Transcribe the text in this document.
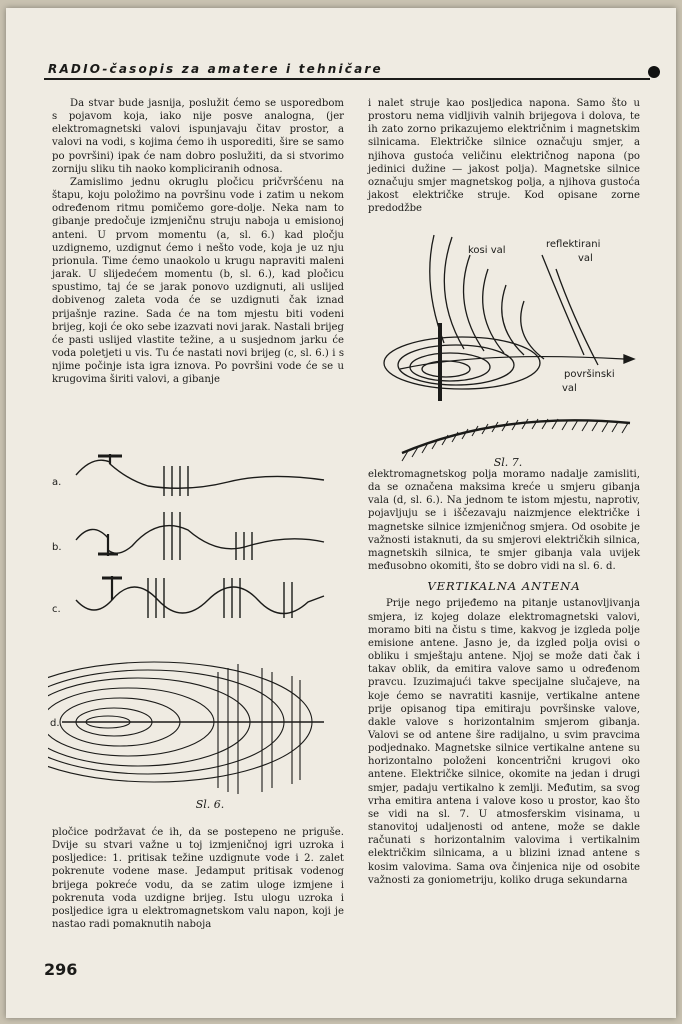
RADIO-časopis za amatere i tehničare

Da stvar bude jasnija, poslužit ćemo se usporedbom s pojavom koja, iako nije posve analogna, (jer elektromagnetski valovi ispunjavaju čitav prostor, a valovi na vodi, s kojima ćemo ih usporediti, šire se samo po površini) ipak će nam dobro poslužiti, da si stvorimo zorniju sliku tih naoko kompliciranih odnosa.

Zamislimo jednu okruglu pločicu pričvršćenu na štapu, koju položimo na površinu vode i zatim u nekom određenom ritmu pomičemo gore-dolje. Neka nam to gibanje predočuje izmjeničnu struju naboja u emisionoj anteni. U prvom momentu (a, sl. 6.) kad pločju uzdignemo, uzdignut ćemo i nešto vode, koja je uz nju prionula. Time ćemo unaokolo u krugu napraviti maleni jarak. U slijedećem momentu (b, sl. 6.), kad pločicu spustimo, taj će se jarak ponovo uzdignuti, ali uslijed dobivenog zaleta voda će se uzdignuti čak iznad prijašnje razine. Sada će na tom mjestu biti vodeni brijeg, koji će oko sebe izazvati novi jarak. Nastali brijeg će pasti uslijed vlastite težine, a u susjednom jarku će voda poletjeti u vis. Tu će nastati novi brijeg (c, sl. 6.) i s njime počinje ista igra iznova. Po površini vode će se u krugovima širiti valovi, a gibanje

a.
b.
c.
d.
Sl. 6.

pločice podržavat će ih, da se postepeno ne priguše. Dvije su stvari važne u toj izmjeničnoj igri uzroka i posljedice: 1. pritisak težine uzdignute vode i 2. zalet pokrenute vodene mase. Jedamput pritisak vodenog brijega pokreće vodu, da se zatim uloge izmjene i pokrenuta voda uzdigne brijeg. Istu ulogu uzroka i posljedice igra u elektromagnetskom valu napon, koji je nastao radi pomaknutih naboja

i nalet struje kao posljedica napona. Samo što u prostoru nema vidljivih valnih brijegova i dolova, te ih zato zorno prikazujemo električnim i magnetskim silnicama. Električke silnice označuju smjer, a njihova gustoća veličinu električnog napona (po jedinici dužine — jakost polja). Magnetske silnice označuju smjer magnetskog polja, a njihova gustoća jakost električke struje. Kod opisane zorne predodžbe

kosi val
reflektirani
val
površinski
val
Sl. 7.

elektromagnetskog polja moramo nadalje zamisliti, da se označena maksima kreće u smjeru gibanja vala (d, sl. 6.). Na jednom te istom mjestu, naprotiv, pojavljuju se i iščezavaju naizmjence električke i magnetske silnice izmjeničnog smjera. Od osobite je važnosti istaknuti, da su smjerovi električkih silnica, magnetskih silnica, te smjer gibanja vala uvijek međusobno okomiti, što se dobro vidi na sl. 6. d.

VERTIKALNA ANTENA

Prije nego prijeđemo na pitanje ustanovljivanja smjera, iz kojeg dolaze elektromagnetski valovi, moramo biti na čistu s time, kakvog je izgleda polje emisione antene. Jasno je, da izgled polja ovisi o obliku i smještaju antene. Njoj se može dati čak i takav oblik, da emitira valove samo u određenom pravcu. Izuzimajući takve specijalne slučajeve, na koje ćemo se navratiti kasnije, vertikalne antene prije opisanog tipa emitiraju površinske valove, dakle valove s horizontalnim smjerom gibanja. Valovi se od antene šire radijalno, u svim pravcima podjednako. Magnetske silnice vertikalne antene su horizontalno položeni koncentrični krugovi oko antene. Električke silnice, okomite na jedan i drugi smjer, padaju vertikalno k zemlji. Međutim, sa svog vrha emitira antena i valove koso u prostor, kao što se vidi na sl. 7. U atmosferskim visinama, u stanovitoj udaljenosti od antene, može se dakle računati s horizontalnim valovima i vertikalnim električkim silnicama, a u blizini iznad antene s kosim valovima. Sama ova činjenica nije od osobite važnosti za goniometriju, koliko druga sekundarna

296
